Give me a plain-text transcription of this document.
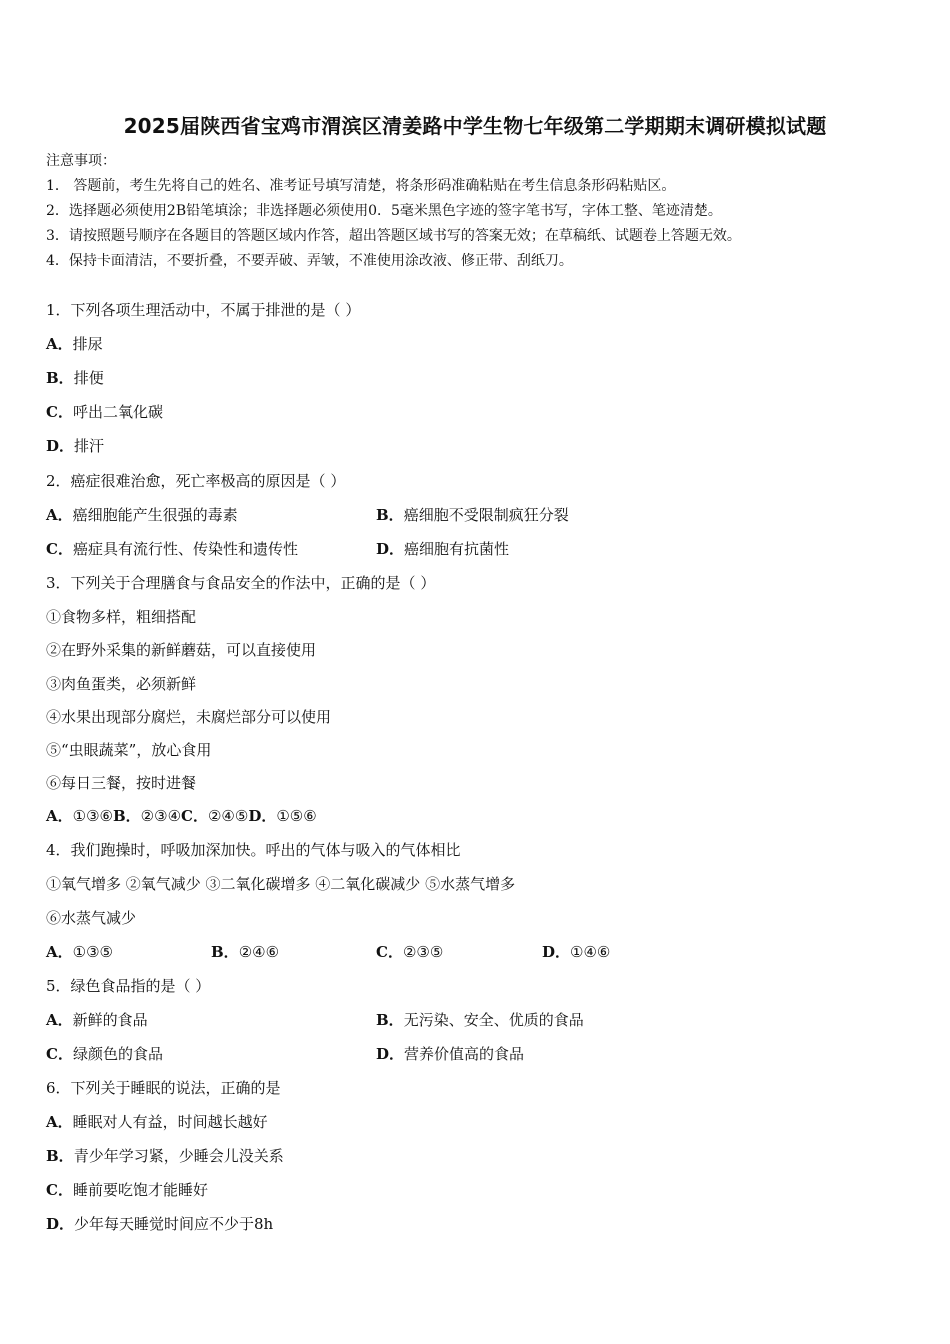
2025届陕西省宝鸡市渭滨区清姜路中学生物七年级第二学期期末调研模拟试题
注意事项：
1． 答题前，考生先将自己的姓名、准考证号填写清楚，将条形码准确粘贴在考生信息条形码粘贴区。
2．选择题必须使用2B铅笔填涂；非选择题必须使用0．5毫米黑色字迹的签字笔书写，字体工整、笔迹清楚。
3．请按照题号顺序在各题目的答题区域内作答，超出答题区域书写的答案无效；在草稿纸、试题卷上答题无效。
4．保持卡面清洁，不要折叠，不要弄破、弄皱，不准使用涂改液、修正带、刮纸刀。
1．下列各项生理活动中，不属于排泄的是（ ）
A．排尿
B．排便
C．呼出二氧化碳
D．排汗
2．癌症很难治愈，死亡率极高的原因是（ ）
A．癌细胞能产生很强的毒素	B．癌细胞不受限制疯狂分裂
C．癌症具有流行性、传染性和遗传性	D．癌细胞有抗菌性
3．下列关于合理膳食与食品安全的作法中，正确的是（ ）
①食物多样，粗细搭配
②在野外采集的新鲜蘑菇，可以直接使用
③肉鱼蛋类，必须新鲜
④水果出现部分腐烂，未腐烂部分可以使用
⑤“虫眼蔬菜”，放心食用
⑥每日三餐，按时进餐
A．①③⑥B．②③④C．②④⑤D．①⑤⑥
4．我们跑操时，呼吸加深加快。呼出的气体与吸入的气体相比
①氧气增多 ②氧气减少 ③二氧化碳增多 ④二氧化碳减少 ⑤水蒸气增多
⑥水蒸气减少
A．①③⑤	B．②④⑥	C．②③⑤	D．①④⑥
5．绿色食品指的是（ ）
A．新鲜的食品	B．无污染、安全、优质的食品
C．绿颜色的食品	D．营养价值高的食品
6．下列关于睡眠的说法，正确的是
A．睡眠对人有益，时间越长越好
B．青少年学习紧，少睡会儿没关系
C．睡前要吃饱才能睡好
D．少年每天睡觉时间应不少于8h
